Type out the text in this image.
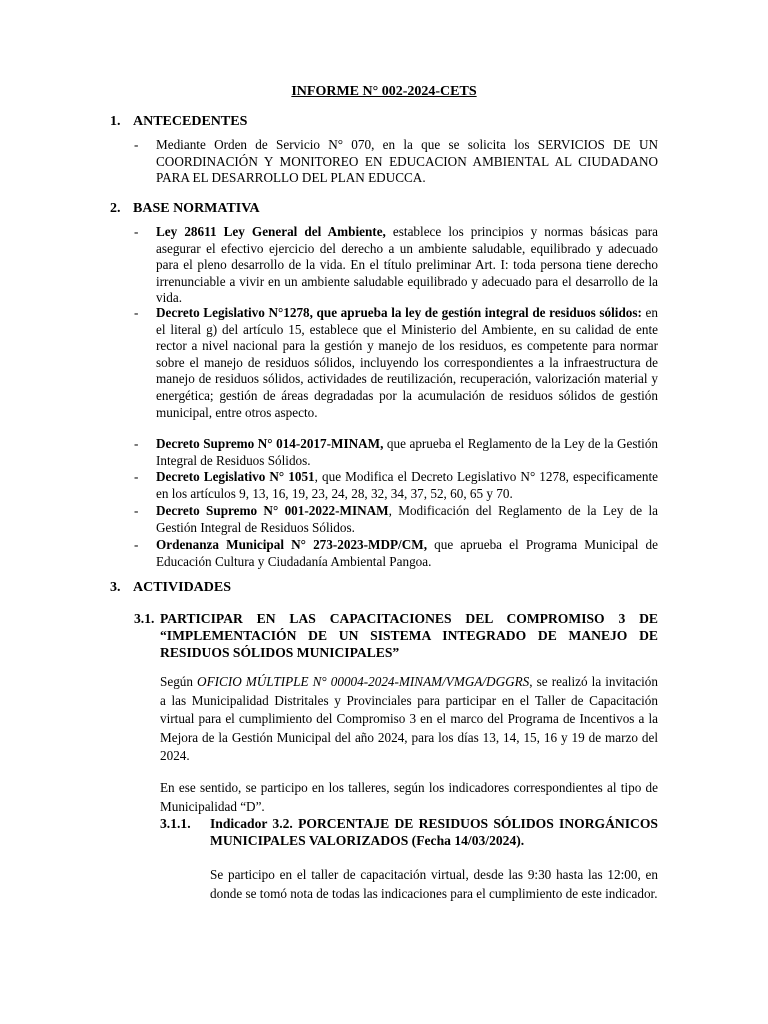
INFORME N° 002-2024-CETS
1. ANTECEDENTES
- Mediante Orden de Servicio N° 070, en la que se solicita los SERVICIOS DE UN COORDINACIÓN Y MONITOREO EN EDUCACION AMBIENTAL AL CIUDADANO PARA EL DESARROLLO DEL PLAN EDUCCA.
2. BASE NORMATIVA
- Ley 28611 Ley General del Ambiente, establece los principios y normas básicas para asegurar el efectivo ejercicio del derecho a un ambiente saludable, equilibrado y adecuado para el pleno desarrollo de la vida. En el título preliminar Art. I: toda persona tiene derecho irrenunciable a vivir en un ambiente saludable equilibrado y adecuado para el desarrollo de la vida.
- Decreto Legislativo N°1278, que aprueba la ley de gestión integral de residuos sólidos: en el literal g) del artículo 15, establece que el Ministerio del Ambiente, en su calidad de ente rector a nivel nacional para la gestión y manejo de los residuos, es competente para normar sobre el manejo de residuos sólidos, incluyendo los correspondientes a la infraestructura de manejo de residuos sólidos, actividades de reutilización, recuperación, valorización material y energética; gestión de áreas degradadas por la acumulación de residuos sólidos de gestión municipal, entre otros aspecto.
- Decreto Supremo N° 014-2017-MINAM, que aprueba el Reglamento de la Ley de la Gestión Integral de Residuos Sólidos.
- Decreto Legislativo N° 1051, que Modifica el Decreto Legislativo N° 1278, especificamente en los artículos 9, 13, 16, 19, 23, 24, 28, 32, 34, 37, 52, 60, 65 y 70.
- Decreto Supremo N° 001-2022-MINAM, Modificación del Reglamento de la Ley de la Gestión Integral de Residuos Sólidos.
- Ordenanza Municipal N° 273-2023-MDP/CM, que aprueba el Programa Municipal de Educación Cultura y Ciudadanía Ambiental Pangoa.
3. ACTIVIDADES
3.1. PARTICIPAR EN LAS CAPACITACIONES DEL COMPROMISO 3 DE “IMPLEMENTACIÓN DE UN SISTEMA INTEGRADO DE MANEJO DE RESIDUOS SÓLIDOS MUNICIPALES”
Según OFICIO MÚLTIPLE N° 00004-2024-MINAM/VMGA/DGGRS, se realizó la invitación a las Municipalidad Distritales y Provinciales para participar en el Taller de Capacitación virtual para el cumplimiento del Compromiso 3 en el marco del Programa de Incentivos a la Mejora de la Gestión Municipal del año 2024, para los días 13, 14, 15, 16 y 19 de marzo del 2024.
En ese sentido, se participo en los talleres, según los indicadores correspondientes al tipo de Municipalidad “D”.
3.1.1. Indicador 3.2. PORCENTAJE DE RESIDUOS SÓLIDOS INORGÁNICOS MUNICIPALES VALORIZADOS (Fecha 14/03/2024).
Se participo en el taller de capacitación virtual, desde las 9:30 hasta las 12:00, en donde se tomó nota de todas las indicaciones para el cumplimiento de este indicador.
